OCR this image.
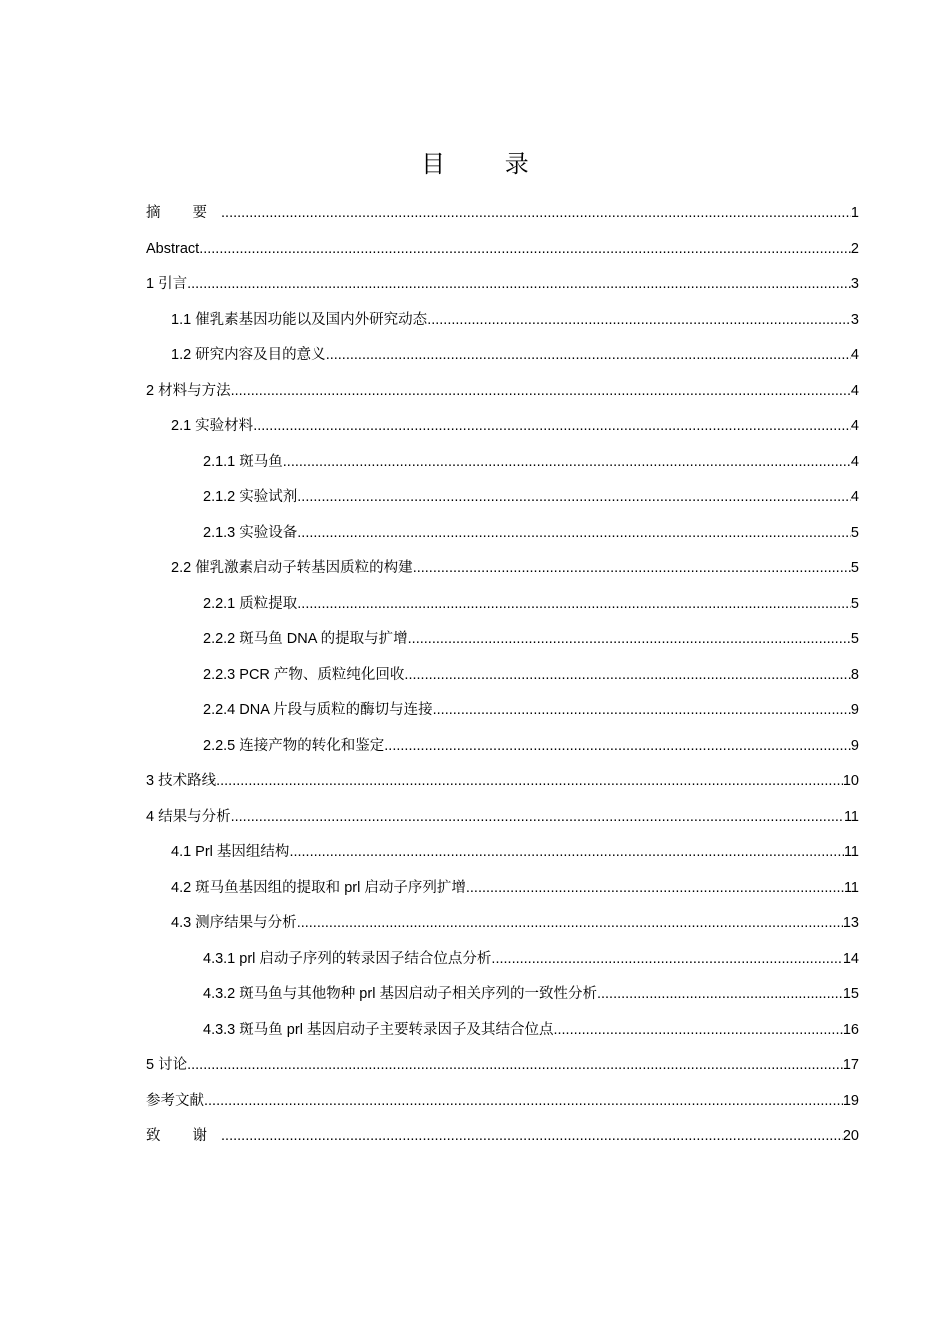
目 录
摘 要 .....	1
Abstract .....	2
1 引言 .....	3
1.1 催乳素基因功能以及国内外研究动态 .....	3
1.2 研究内容及目的意义 .....	4
2 材料与方法 .....	4
2.1 实验材料 .....	4
2.1.1 斑马鱼 .....	4
2.1.2 实验试剂 .....	4
2.1.3 实验设备 .....	5
2.2 催乳激素启动子转基因质粒的构建 .....	5
2.2.1 质粒提取 .....	5
2.2.2 斑马鱼 DNA 的提取与扩增 .....	5
2.2.3 PCR 产物、质粒纯化回收 .....	8
2.2.4 DNA 片段与质粒的酶切与连接 .....	9
2.2.5 连接产物的转化和鉴定 .....	9
3 技术路线 .....	10
4 结果与分析 .....	11
4.1 Prl 基因组结构 .....	11
4.2 斑马鱼基因组的提取和 prl 启动子序列扩增 .....	11
4.3 测序结果与分析 .....	13
4.3.1 prl 启动子序列的转录因子结合位点分析 .....	14
4.3.2 斑马鱼与其他物种 prl 基因启动子相关序列的一致性分析 .....	15
4.3.3 斑马鱼 prl 基因启动子主要转录因子及其结合位点 .....	16
5 讨论 .....	17
参考文献 .....	19
致 谢 .....	20
